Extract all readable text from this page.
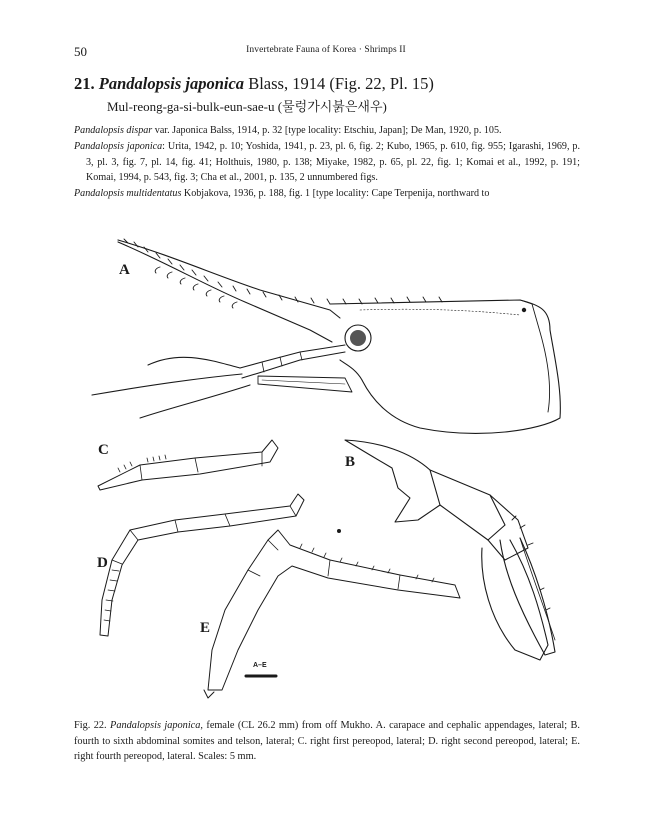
50	Invertebrate Fauna of Korea · Shrimps II
21. Pandalopsis japonica Blass, 1914 (Fig. 22, Pl. 15)
Mul-reong-ga-si-bulk-eun-sae-u (물렁가시붉은새우)

Pandalopsis dispar var. Japonica Balss, 1914, p. 32 [type locality: Etschiu, Japan]; De Man, 1920, p. 105.

Pandalopsis japonica: Urita, 1942, p. 10; Yoshida, 1941, p. 23, pl. 6, fig. 2; Kubo, 1965, p. 610, fig. 955; Igarashi, 1969, p. 3, pl. 3, fig. 7, pl. 14, fig. 41; Holthuis, 1980, p. 138; Miyake, 1982, p. 65, pl. 22, fig. 1; Komai et al., 1992, p. 191; Komai, 1994, p. 543, fig. 3; Cha et al., 2001, p. 135, 2 unnumbered figs.

Pandalopsis multidentatus Kobjakova, 1936, p. 188, fig. 1 [type locality: Cape Terpenija, northward to

A
C
B
D
E
A–E
Fig. 22. Pandalopsis japonica, female (CL 26.2 mm) from off Mukho. A. carapace and cephalic appendages, lateral; B. fourth to sixth abdominal somites and telson, lateral; C. right first pereopod, lateral; D. right second pereopod, lateral; E. right fourth pereopod, lateral. Scales: 5 mm.
